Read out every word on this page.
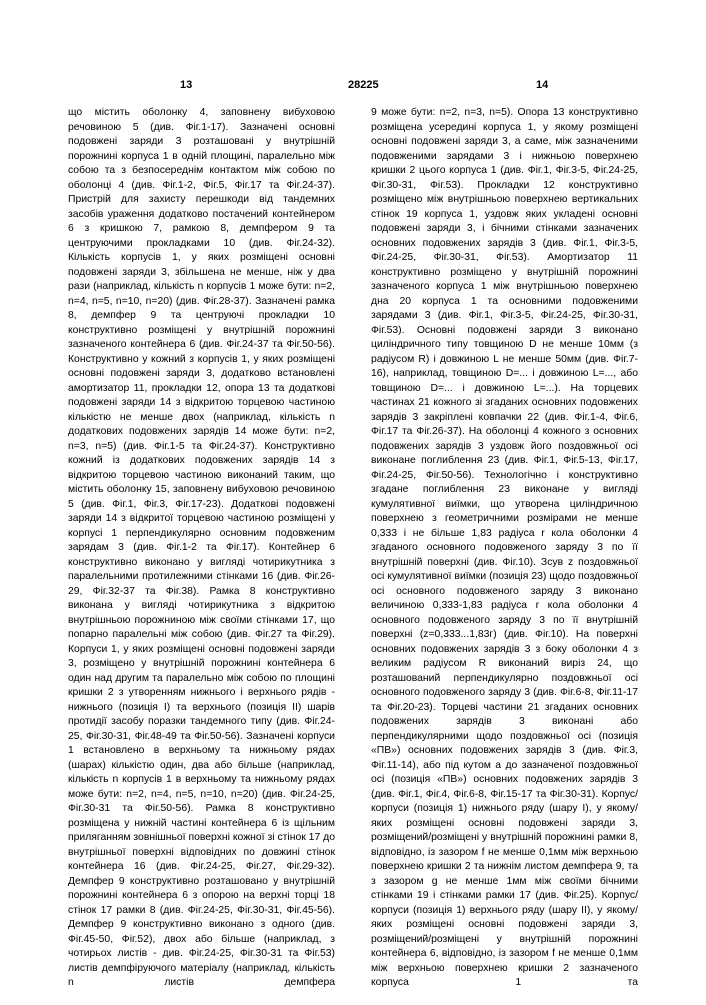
13	28225	14

що містить оболонку 4, заповнену вибуховою речовиною 5 (див. Фіг.1-17). Зазначені основні подовжені заряди 3 розташовані у внутрішній порожнині корпуса 1 в одній площині, паралельно між собою та з безпосереднім контактом між собою по оболонці 4 (див. Фіг.1-2, Фіг.5, Фіг.17 та Фіг.24-37). Пристрій для захисту перешкоди від тандемних засобів ураження додатково постачений контейнером 6 з кришкою 7, рамкою 8, демпфером 9 та центруючими прокладками 10 (див. Фіг.24-32). Кількість корпусів 1, у яких розміщені основні подовжені заряди 3, збільшена не менше, ніж у два рази (наприклад, кількість n корпусів 1 може бути: n=2, n=4, n=5, n=10, n=20) (див. Фіг.28-37). Зазначені рамка 8, демпфер 9 та центруючі прокладки 10 конструктивно розміщені у внутрішній порожнині зазначеного контейнера 6 (див. Фіг.24-37 та Фіг.50-56). Конструктивно у кожний з корпусів 1, у яких розміщені основні подовжені заряди 3, додатково встановлені амортизатор 11, прокладки 12, опора 13 та додаткові подовжені заряди 14 з відкритою торцевою частиною кількістю не менше двох (наприклад, кількість n додаткових подовжених зарядів 14 може бути: n=2, n=3, n=5) (див. Фіг.1-5 та Фіг.24-37). Конструктивно кожний із додаткових подовжених зарядів 14 з відкритою торцевою частиною виконаний таким, що містить оболонку 15, заповнену вибуховою речовиною 5 (див. Фіг.1, Фіг.3, Фіг.17-23). Додаткові подовжені заряди 14 з відкритої торцевою частиною розміщені у корпусі 1 перпендикулярно основним подовженим зарядам 3 (див. Фіг.1-2 та Фіг.17). Контейнер 6 конструктивно виконано у вигляді чотирикутника з паралельними протилежними стінками 16 (див. Фіг.26-29, Фіг.32-37 та Фіг.38). Рамка 8 конструктивно виконана у вигляді чотирикутника з відкритою внутрішньою порожниною між своїми стінками 17, що попарно паралельні між собою (див. Фіг.27 та Фіг.29). Корпуси 1, у яких розміщені основні подовжені заряди 3, розміщено у внутрішній порожнині контейнера 6 один над другим та паралельно між собою по площині кришки 2 з утворенням нижнього і верхнього рядів - нижнього (позиція I) та верхнього (позиція II) шарів протидії засобу поразки тандемного типу (див. Фіг.24-25, Фіг.30-31, Фіг.48-49 та Фіг.50-56). Зазначені корпуси 1 встановлено в верхньому та нижньому рядах (шарах) кількістю один, два або більше (наприклад, кількість n корпусів 1 в верхньому та нижньому рядах може бути: n=2, n=4, n=5, n=10, n=20) (див. Фіг.24-25, Фіг.30-31 та Фіг.50-56). Рамка 8 конструктивно розміщена у нижній частині контейнера 6 із щільним приляганням зовнішньої поверхні кожної зі стінок 17 до внутрішньої поверхні відповідних по довжині стінок контейнера 16 (див. Фіг.24-25, Фіг.27, Фіг.29-32). Демпфер 9 конструктивно розташовано у внутрішній порожнині контейнера 6 з опорою на верхні торці 18 стінок 17 рамки 8 (див. Фіг.24-25, Фіг.30-31, Фіг.45-56). Демпфер 9 конструктивно виконано з одного (див. Фіг.45-50, Фіг.52), двох або більше (наприклад, з чотирьох листів - див. Фіг.24-25, Фіг.30-31 та Фіг.53) листів демпфіруючого матеріалу (наприклад, кількість n листів демпфера

9 може бути: n=2, n=3, n=5). Опора 13 конструктивно розміщена усередині корпуса 1, у якому розміщені основні подовжені заряди 3, а саме, між зазначеними подовженими зарядами 3 і нижньою поверхнею кришки 2 цього корпуса 1 (див. Фіг.1, Фіг.3-5, Фіг.24-25, Фіг.30-31, Фіг.53). Прокладки 12 конструктивно розміщено між внутрішньою поверхнею вертикальних стінок 19 корпуса 1, уздовж яких укладені основні подовжені заряди 3, і бічними стінками зазначених основних подовжених зарядів 3 (див. Фіг.1, Фіг.3-5, Фіг.24-25, Фіг.30-31, Фіг.53). Амортизатор 11 конструктивно розміщено у внутрішній порожнині зазначеного корпуса 1 між внутрішньою поверхнею дна 20 корпуса 1 та основними подовженими зарядами 3 (див. Фіг.1, Фіг.3-5, Фіг.24-25, Фіг.30-31, Фіг.53). Основні подовжені заряди 3 виконано циліндричного типу товщиною D не менше 10мм (з радіусом R) і довжиною L не менше 50мм (див. Фіг.7-16), наприклад, товщиною D=... і довжиною L=..., або товщиною D=... і довжиною L=...). На торцевих частинах 21 кожного зі згаданих основних подовжених зарядів 3 закріплені ковпачки 22 (див. Фіг.1-4, Фіг.6, Фіг.17 та Фіг.26-37). На оболонці 4 кожного з основних подовжених зарядів 3 уздовж його поздовжньої осі виконане поглиблення 23 (див. Фіг.1, Фіг.5-13, Фіг.17, Фіг.24-25, Фіг.50-56). Технологічно і конструктивно згадане поглиблення 23 виконане у вигляді кумулятивної виїмки, що утворена циліндричною поверхнею з геометричними розмірами не менше 0,333 і не більше 1,83 радіуса r кола оболонки 4 згаданого основного подовженого заряду 3 по її внутрішній поверхні (див. Фіг.10). Зсув z поздовжньої осі кумулятивної виїмки (позиція 23) щодо поздовжньої осі основного подовженого заряду 3 виконано величиною 0,333-1,83 радіуса r кола оболонки 4 основного подовженого заряду 3 по її внутрішній поверхні (z=0,333...1,83г) (див. Фіг.10). На поверхні основних подовжених зарядів 3 з боку оболонки 4 з великим радіусом R виконаний виріз 24, що розташований перпендикулярно поздовжньої осі основного подовженого заряду 3 (див. Фіг.6-8, Фіг.11-17 та Фіг.20-23). Торцеві частини 21 згаданих основних подовжених зарядів 3 виконані або перпендикулярними щодо поздовжньої осі (позиція «ПВ») основних подовжених зарядів 3 (див. Фіг.3, Фіг.11-14), або під кутом а до зазначеної поздовжньої осі (позиція «ПВ») основних подовжених зарядів 3 (див. Фіг.1, Фіг.4, Фіг.6-8, Фіг.15-17 та Фіг.30-31). Корпус/корпуси (позиція 1) нижнього ряду (шару I), у якому/яких розміщені основні подовжені заряди 3, розміщений/розміщені у внутрішній порожнині рамки 8, відповідно, із зазором f не менше 0,1мм між верхньою поверхнею кришки 2 та нижнім листом демпфера 9, та з зазором g не менше 1мм між своїми бічними стінками 19 і стінками рамки 17 (див. Фіг.25). Корпус/корпуси (позиція 1) верхнього ряду (шару II), у якому/яких розміщені основні подовжені заряди 3, розміщений/розміщені у внутрішній порожнині контейнера 6, відповідно, із зазором f не менше 0,1мм між верхньою поверхнею кришки 2 зазначеного корпуса 1 та
